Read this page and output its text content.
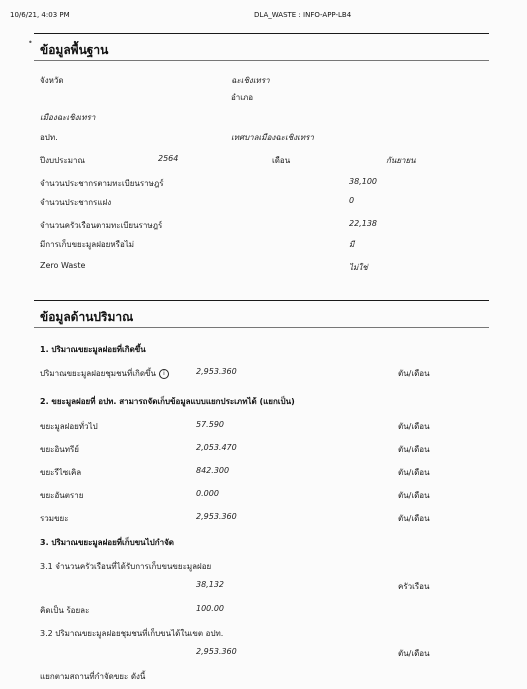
10/6/21, 4:03 PM	DLA_WASTE : INFO-APP-LB4
•
ข้อมูลพื้นฐาน
จังหวัด	ฉะเชิงเทรา
อำเภอ
เมืองฉะเชิงเทรา
อปท.	เทศบาลเมืองฉะเชิงเทรา
ปีงบประมาณ	2564	เดือน	กันยายน
จำนวนประชากรตามทะเบียนราษฎร์	38,100
จำนวนประชากรแฝง	0
จำนวนครัวเรือนตามทะเบียนราษฎร์	22,138
มีการเก็บขยะมูลฝอยหรือไม่	มี
Zero Waste	ไม่ใช่
ข้อมูลด้านปริมาณ
1. ปริมาณขยะมูลฝอยที่เกิดขึ้น
ปริมาณขยะมูลฝอยชุมชนที่เกิดขึ้น i	2,953.360	ตัน/เดือน
2. ขยะมูลฝอยที่ อปท. สามารถจัดเก็บข้อมูลแบบแยกประเภทได้ (แยกเป็น)
ขยะมูลฝอยทั่วไป	57.590	ตัน/เดือน
ขยะอินทรีย์	2,053.470	ตัน/เดือน
ขยะรีไซเคิล	842.300	ตัน/เดือน
ขยะอันตราย	0.000	ตัน/เดือน
รวมขยะ	2,953.360	ตัน/เดือน
3. ปริมาณขยะมูลฝอยที่เก็บขนไปกำจัด
3.1 จำนวนครัวเรือนที่ได้รับการเก็บขนขยะมูลฝอย
38,132	ครัวเรือน
คิดเป็น ร้อยละ	100.00
3.2 ปริมาณขยะมูลฝอยชุมชนที่เก็บขนได้ในเขต อปท.
2,953.360	ตัน/เดือน
แยกตามสถานที่กำจัดขยะ ดังนี้
